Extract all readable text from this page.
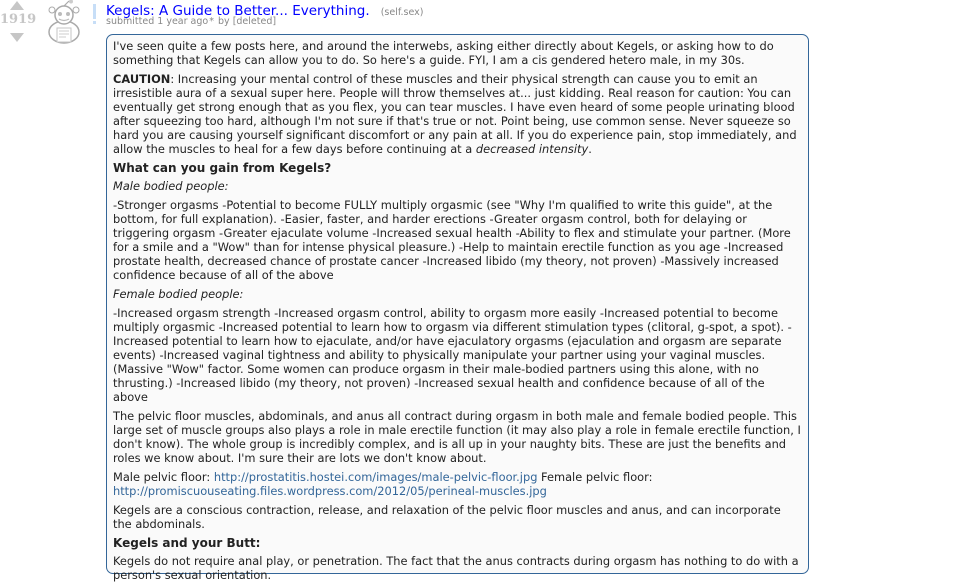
1919
Kegels: A Guide to Better... Everything. (self.sex)
submitted 1 year ago* by [deleted]

I've seen quite a few posts here, and around the interwebs, asking either directly about Kegels, or asking how to do something that Kegels can allow you to do. So here's a guide. FYI, I am a cis gendered hetero male, in my 30s.

CAUTION: Increasing your mental control of these muscles and their physical strength can cause you to emit an irresistible aura of a sexual super here. People will throw themselves at... just kidding. Real reason for caution: You can eventually get strong enough that as you flex, you can tear muscles. I have even heard of some people urinating blood after squeezing too hard, although I'm not sure if that's true or not. Point being, use common sense. Never squeeze so hard you are causing yourself significant discomfort or any pain at all. If you do experience pain, stop immediately, and allow the muscles to heal for a few days before continuing at a decreased intensity.

What can you gain from Kegels?

Male bodied people:

-Stronger orgasms -Potential to become FULLY multiply orgasmic (see "Why I'm qualified to write this guide", at the bottom, for full explanation). -Easier, faster, and harder erections -Greater orgasm control, both for delaying or triggering orgasm -Greater ejaculate volume -Increased sexual health -Ability to flex and stimulate your partner. (More for a smile and a "Wow" than for intense physical pleasure.) -Help to maintain erectile function as you age -Increased prostate health, decreased chance of prostate cancer -Increased libido (my theory, not proven) -Massively increased confidence because of all of the above

Female bodied people:

-Increased orgasm strength -Increased orgasm control, ability to orgasm more easily -Increased potential to become multiply orgasmic -Increased potential to learn how to orgasm via different stimulation types (clitoral, g-spot, a spot). -Increased potential to learn how to ejaculate, and/or have ejaculatory orgasms (ejaculation and orgasm are separate events) -Increased vaginal tightness and ability to physically manipulate your partner using your vaginal muscles. (Massive "Wow" factor. Some women can produce orgasm in their male-bodied partners using this alone, with no thrusting.) -Increased libido (my theory, not proven) -Increased sexual health and confidence because of all of the above

The pelvic floor muscles, abdominals, and anus all contract during orgasm in both male and female bodied people. This large set of muscle groups also plays a role in male erectile function (it may also play a role in female erectile function, I don't know). The whole group is incredibly complex, and is all up in your naughty bits. These are just the benefits and roles we know about. I'm sure their are lots we don't know about.

Male pelvic floor: http://prostatitis.hostei.com/images/male-pelvic-floor.jpg Female pelvic floor: http://promiscuouseating.files.wordpress.com/2012/05/perineal-muscles.jpg

Kegels are a conscious contraction, release, and relaxation of the pelvic floor muscles and anus, and can incorporate the abdominals.

Kegels and your Butt:

Kegels do not require anal play, or penetration. The fact that the anus contracts during orgasm has nothing to do with a person's sexual orientation.
